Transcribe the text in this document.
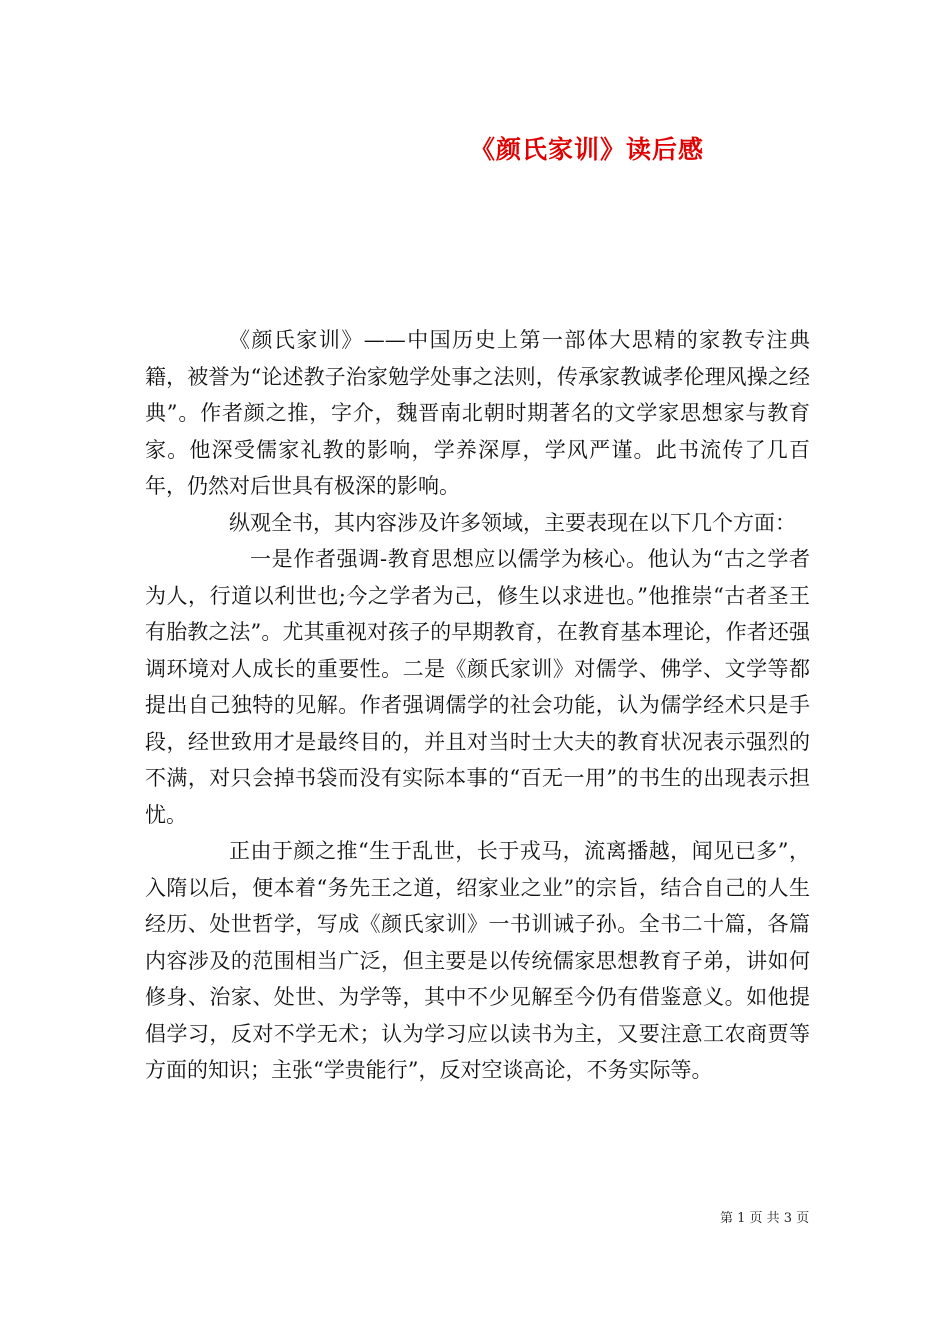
《颜氏家训》读后感

《颜氏家训》——中国历史上第一部体大思精的家教专注典籍，被誉为“论述教子治家勉学处事之法则，传承家教诚孝伦理风操之经典”。作者颜之推，字介，魏晋南北朝时期著名的文学家思想家与教育家。他深受儒家礼教的影响，学养深厚，学风严谨。此书流传了几百年，仍然对后世具有极深的影响。

纵观全书，其内容涉及许多领域，主要表现在以下几个方面：

一是作者强调-教育思想应以儒学为核心。他认为“古之学者为人，行道以利世也;今之学者为己，修生以求进也。”他推崇“古者圣王有胎教之法”。尤其重视对孩子的早期教育，在教育基本理论，作者还强调环境对人成长的重要性。二是《颜氏家训》对儒学、佛学、文学等都提出自己独特的见解。作者强调儒学的社会功能，认为儒学经术只是手段，经世致用才是最终目的，并且对当时士大夫的教育状况表示强烈的不满，对只会掉书袋而没有实际本事的“百无一用”的书生的出现表示担忧。

正由于颜之推“生于乱世，长于戎马，流离播越，闻见已多”，入隋以后，便本着“务先王之道，绍家业之业”的宗旨，结合自己的人生经历、处世哲学，写成《颜氏家训》一书训诫子孙。全书二十篇，各篇内容涉及的范围相当广泛，但主要是以传统儒家思想教育子弟，讲如何修身、治家、处世、为学等，其中不少见解至今仍有借鉴意义。如他提倡学习，反对不学无术；认为学习应以读书为主，又要注意工农商贾等方面的知识；主张“学贵能行”，反对空谈高论，不务实际等。

第 1 页 共 3 页
